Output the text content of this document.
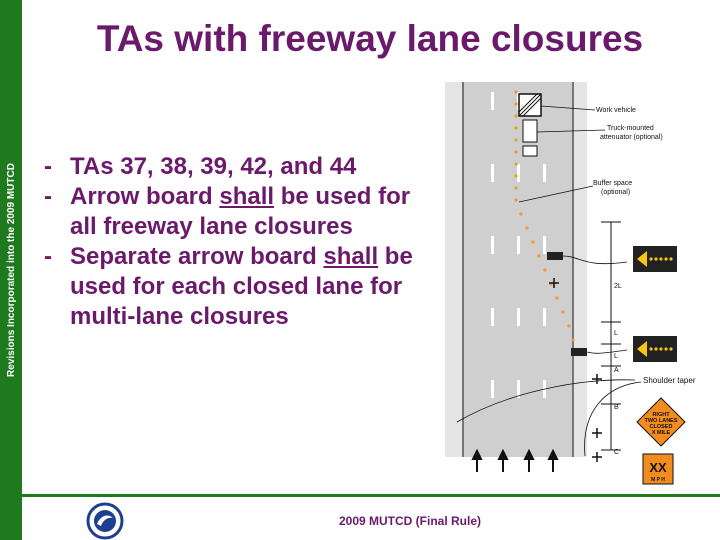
Revisions Incorporated into the 2009 MUTCD
TAs with freeway lane closures
- TAs 37, 38, 39, 42, and 44
- Arrow board shall be used for all freeway lane closures
- Separate arrow board shall be used for each closed lane for multi-lane closures
2L
L
L
A
B
C
Work vehicle
Truck-mounted
attenuator (optional)
Buffer space
(optional)
Shoulder taper
RIGHT
TWO LANES
CLOSED
X MILE
XX
M P H
2009 MUTCD (Final Rule)
